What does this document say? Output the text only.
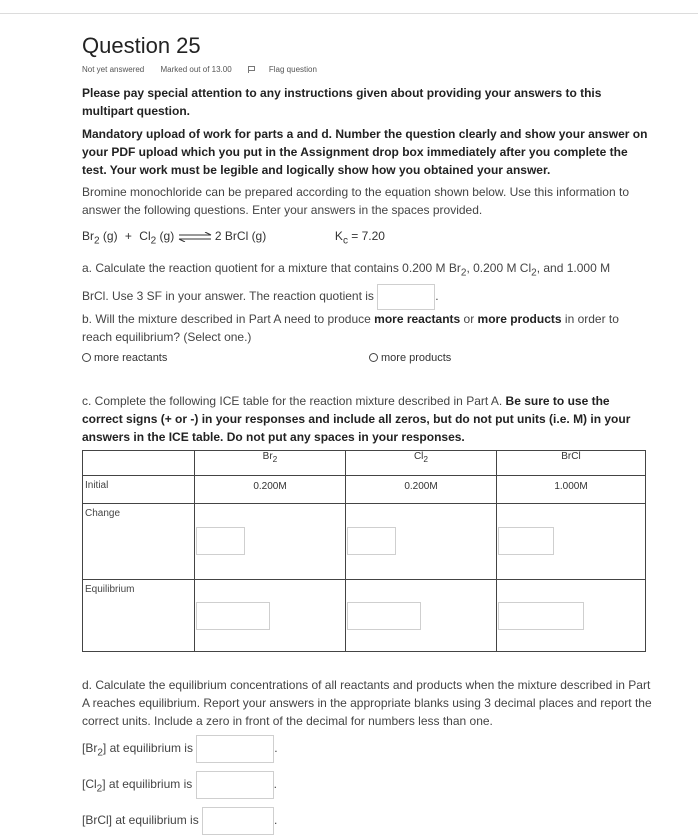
Question 25
Not yet answered Marked out of 13.00	Flag question
Please pay special attention to any instructions given about providing your answers to this multipart question.
Mandatory upload of work for parts a and d. Number the question clearly and show your answer on your PDF upload which you put in the Assignment drop box immediately after you complete the test. Your work must be legible and logically show how you obtained your answer.
Bromine monochloride can be prepared according to the equation shown below. Use this information to answer the following questions. Enter your answers in the spaces provided.
$Br_2$ $(g) + Cl_2$ (g) ⇌ 2 BrCl (g)	$K_c = 7.20$
a. Calculate the reaction quotient for a mixture that contains 0.200 M $Br_2$, 0.200 M $Cl_2$, and 1.000 M
BrCl. Use 3 SF in your answer. The reaction quotient is	.
b. Will the mixture described in Part A need to produce more reactants or more products in order to reach equilibrium? (Select one.)
more reactants	more products
c. Complete the following ICE table for the reaction mixture described in Part A. Be sure to use the correct signs (+ or -) in your responses and include all zeros, but do not put units (i.e. M) in your answers in the ICE table. Do not put any spaces in your responses.
	$Br_2$	$Cl_2$	BrCl
Initial	0.200M	0.200M	1.000M
Change			
Equilibrium			
d. Calculate the equilibrium concentrations of all reactants and products when the mixture described in Part A reaches equilibrium. Report your answers in the appropriate blanks using 3 decimal places and report the correct units. Include a zero in front of the decimal for numbers less than one.
$[Br_2]$ at equilibrium is	.
$[Cl_2]$ at equilibrium is	.
[BrCl] at equilibrium is	.
